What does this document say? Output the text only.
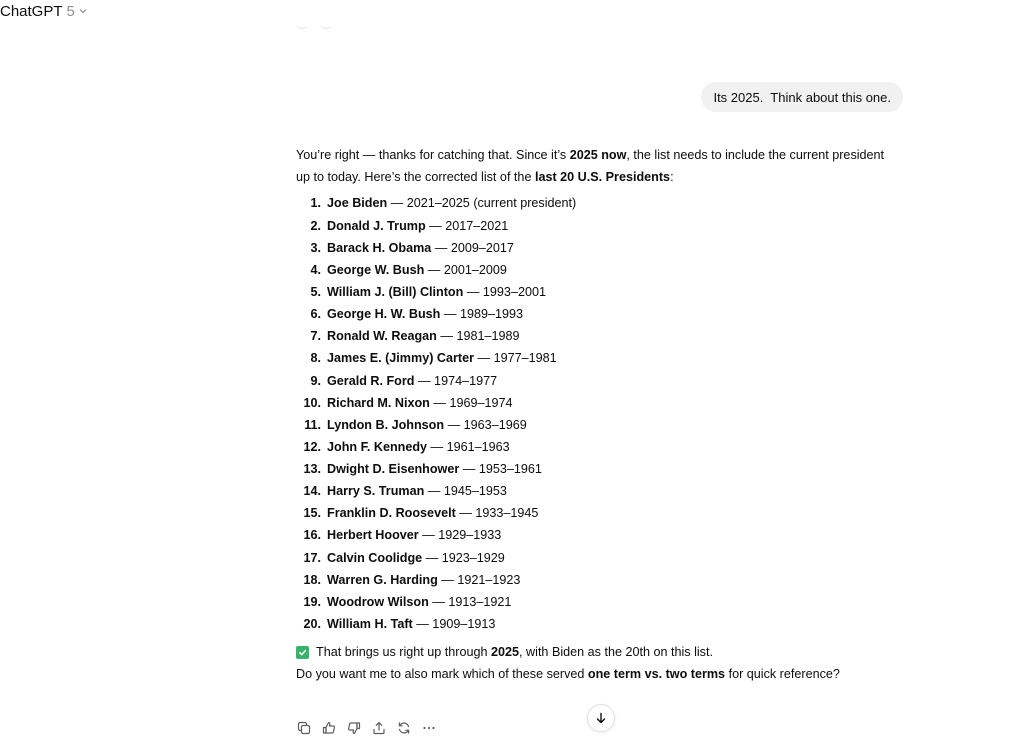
ChatGPT 5
Its 2025.  Think about this one.

You’re right — thanks for catching that. Since it’s 2025 now, the list needs to include the current president up to today. Here’s the corrected list of the last 20 U.S. Presidents:

1. Joe Biden — 2021–2025 (current president)
2. Donald J. Trump — 2017–2021
3. Barack H. Obama — 2009–2017
4. George W. Bush — 2001–2009
5. William J. (Bill) Clinton — 1993–2001
6. George H. W. Bush — 1989–1993
7. Ronald W. Reagan — 1981–1989
8. James E. (Jimmy) Carter — 1977–1981
9. Gerald R. Ford — 1974–1977
10. Richard M. Nixon — 1969–1974
11. Lyndon B. Johnson — 1963–1969
12. John F. Kennedy — 1961–1963
13. Dwight D. Eisenhower — 1953–1961
14. Harry S. Truman — 1945–1953
15. Franklin D. Roosevelt — 1933–1945
16. Herbert Hoover — 1929–1933
17. Calvin Coolidge — 1923–1929
18. Warren G. Harding — 1921–1923
19. Woodrow Wilson — 1913–1921
20. William H. Taft — 1909–1913
That brings us right up through 2025, with Biden as the 20th on this list.

Do you want me to also mark which of these served one term vs. two terms for quick reference?
